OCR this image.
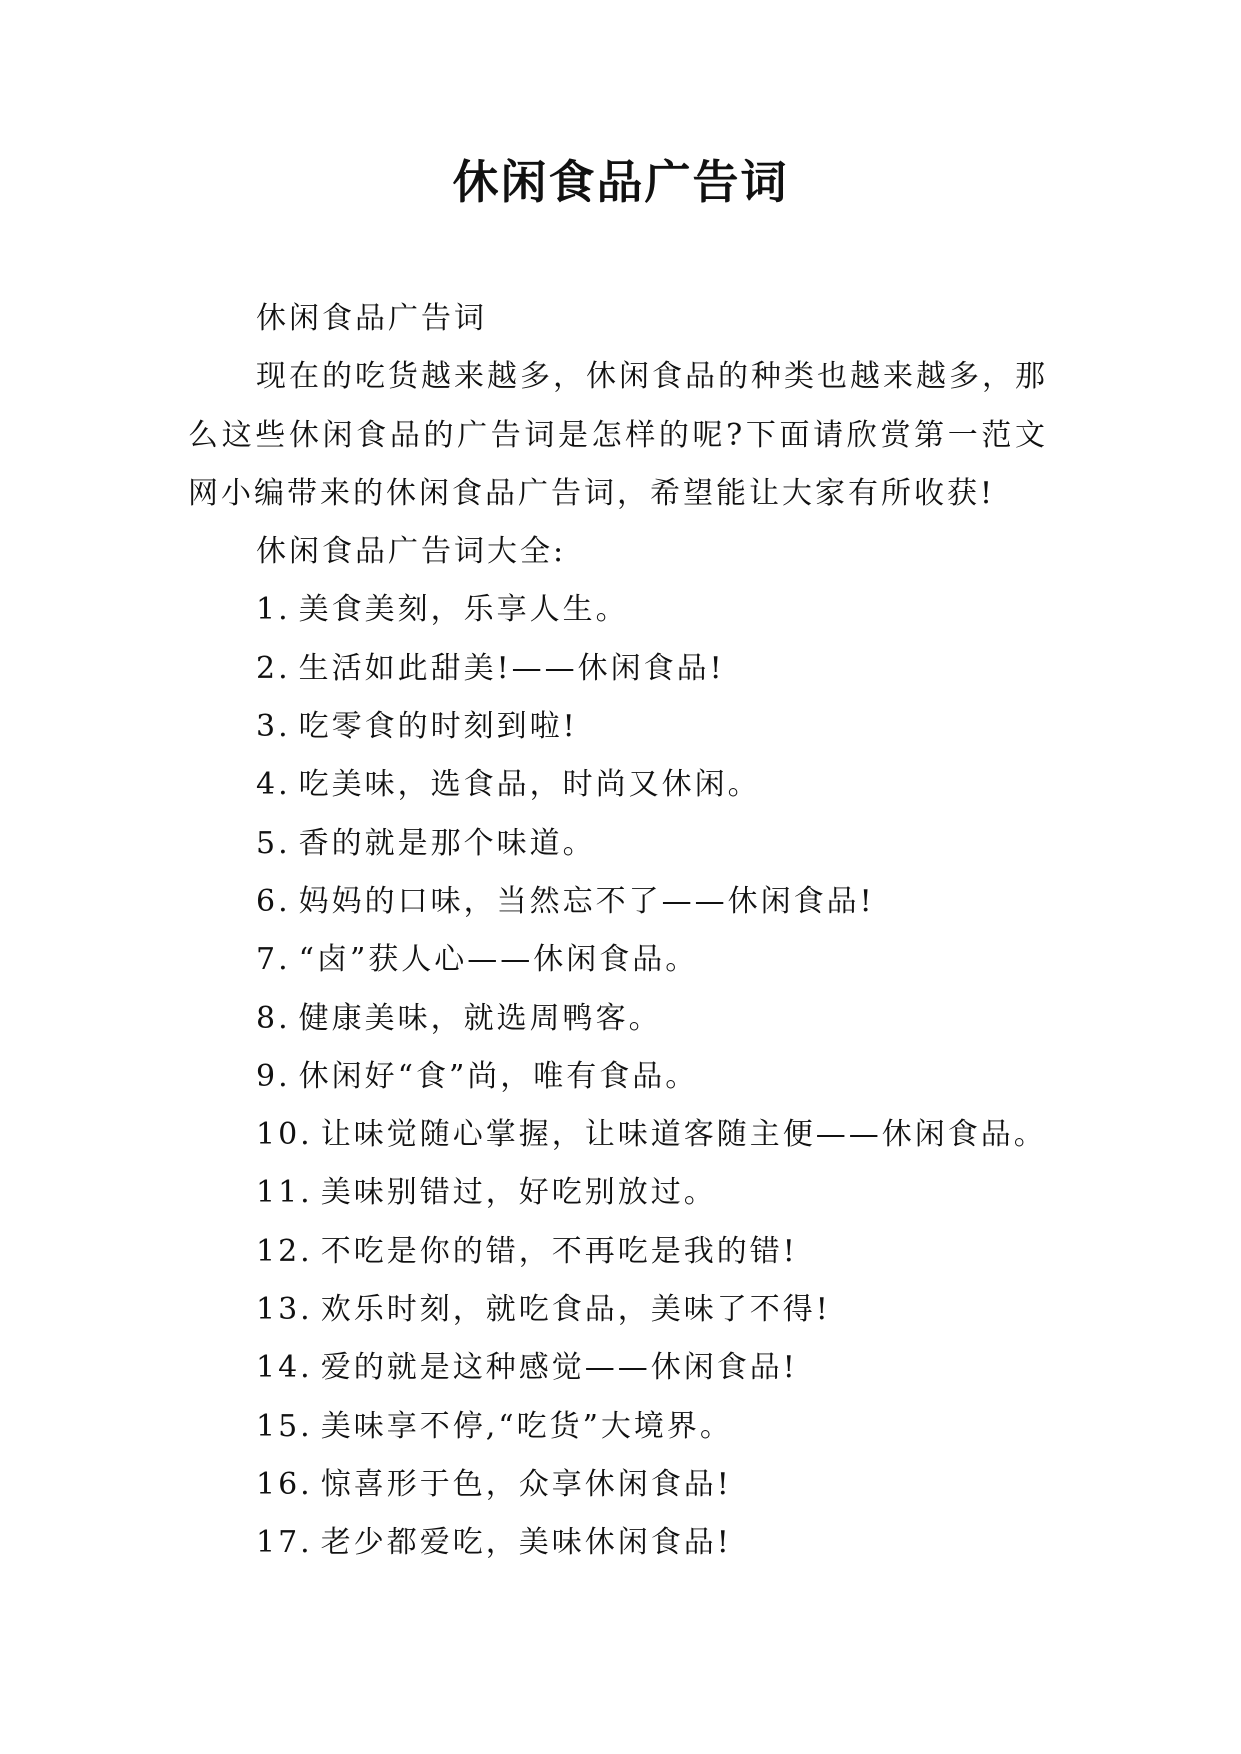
休闲食品广告词

休闲食品广告词

现在的吃货越来越多，休闲食品的种类也越来越多，那么这些休闲食品的广告词是怎样的呢?下面请欣赏第一范文网小编带来的休闲食品广告词，希望能让大家有所收获!

休闲食品广告词大全:

1. 美食美刻，乐享人生。

2. 生活如此甜美!——休闲食品!

3. 吃零食的时刻到啦!

4. 吃美味，选食品，时尚又休闲。

5. 香的就是那个味道。

6. 妈妈的口味，当然忘不了——休闲食品!

7. “卤”获人心——休闲食品。

8. 健康美味，就选周鸭客。

9. 休闲好“食”尚，唯有食品。

10. 让味觉随心掌握，让味道客随主便——休闲食品。

11. 美味别错过，好吃别放过。

12. 不吃是你的错，不再吃是我的错!

13. 欢乐时刻，就吃食品，美味了不得!

14. 爱的就是这种感觉——休闲食品!

15. 美味享不停,“吃货”大境界。

16. 惊喜形于色，众享休闲食品!

17. 老少都爱吃，美味休闲食品!
